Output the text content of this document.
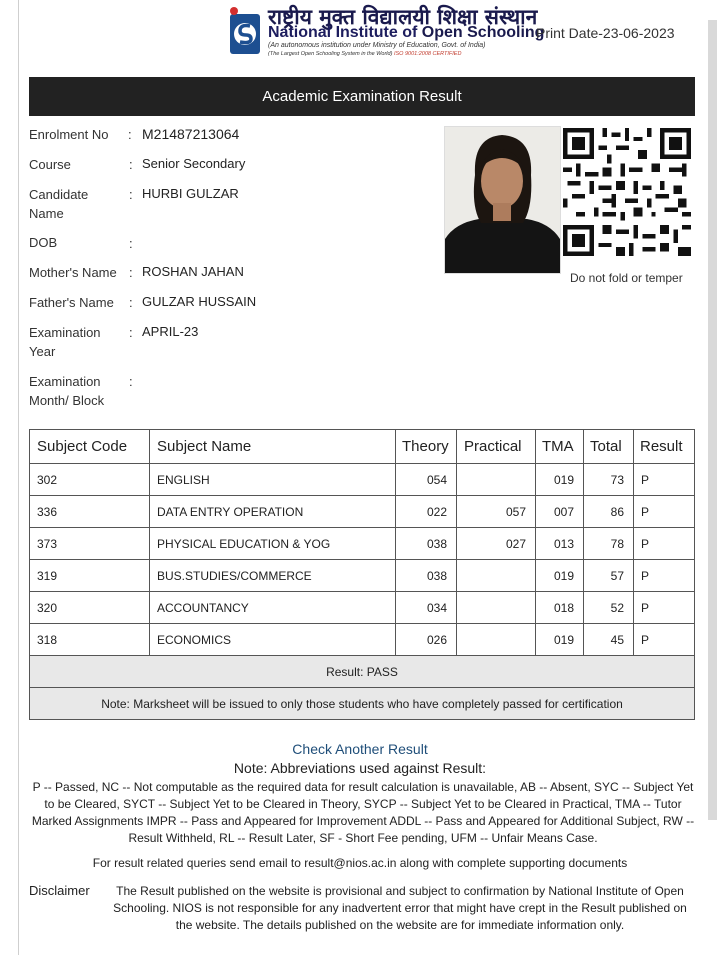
राष्ट्रीय मुक्त विद्यालयी शिक्षा संस्थान
National Institute of Open Schooling
(An autonomous institution under Ministry of Education, Govt. of India)
(The Largest Open Schooling System in the World) ISO 9001:2008 CERTIFIED
Print Date-23-06-2023
Academic Examination Result
Enrolment No : M21487213064
Course	: Senior Secondary
Candidate
Name
: HURBI GULZAR
DOB	:
Mother's Name : ROSHAN JAHAN
Father's Name : GULZAR HUSSAIN
Examination
Year
: APRIL-23
Examination
Month/ Block
:
Do not fold or temper
Subject Code	Subject Name	Theory	Practical	TMA	Total	Result
302	ENGLISH	054		019	73	P
336	DATA ENTRY OPERATION	022	057	007	86	P
373	PHYSICAL EDUCATION & YOG	038	027	013	78	P
319	BUS.STUDIES/COMMERCE	038		019	57	P
320	ACCOUNTANCY	034		018	52	P
318	ECONOMICS	026		019	45	P
Result: PASS						
Note: Marksheet will be issued to only those students who have completely passed for certification						
Check Another Result
Note: Abbreviations used against Result:
P -- Passed, NC -- Not computable as the required data for result calculation is unavailable, AB -- Absent, SYC -- Subject Yet to be Cleared, SYCT -- Subject Yet to be Cleared in Theory, SYCP -- Subject Yet to be Cleared in Practical, TMA -- Tutor Marked Assignments IMPR -- Pass and Appeared for Improvement ADDL -- Pass and Appeared for Additional Subject, RW -- Result Withheld, RL -- Result Later, SF - Short Fee pending, UFM -- Unfair Means Case.
For result related queries send email to result@nios.ac.in along with complete supporting documents
Disclaimer	The Result published on the website is provisional and subject to confirmation by National Institute of Open Schooling. NIOS is not responsible for any inadvertent error that might have crept in the Result published on the website. The details published on the website are for immediate information only.
